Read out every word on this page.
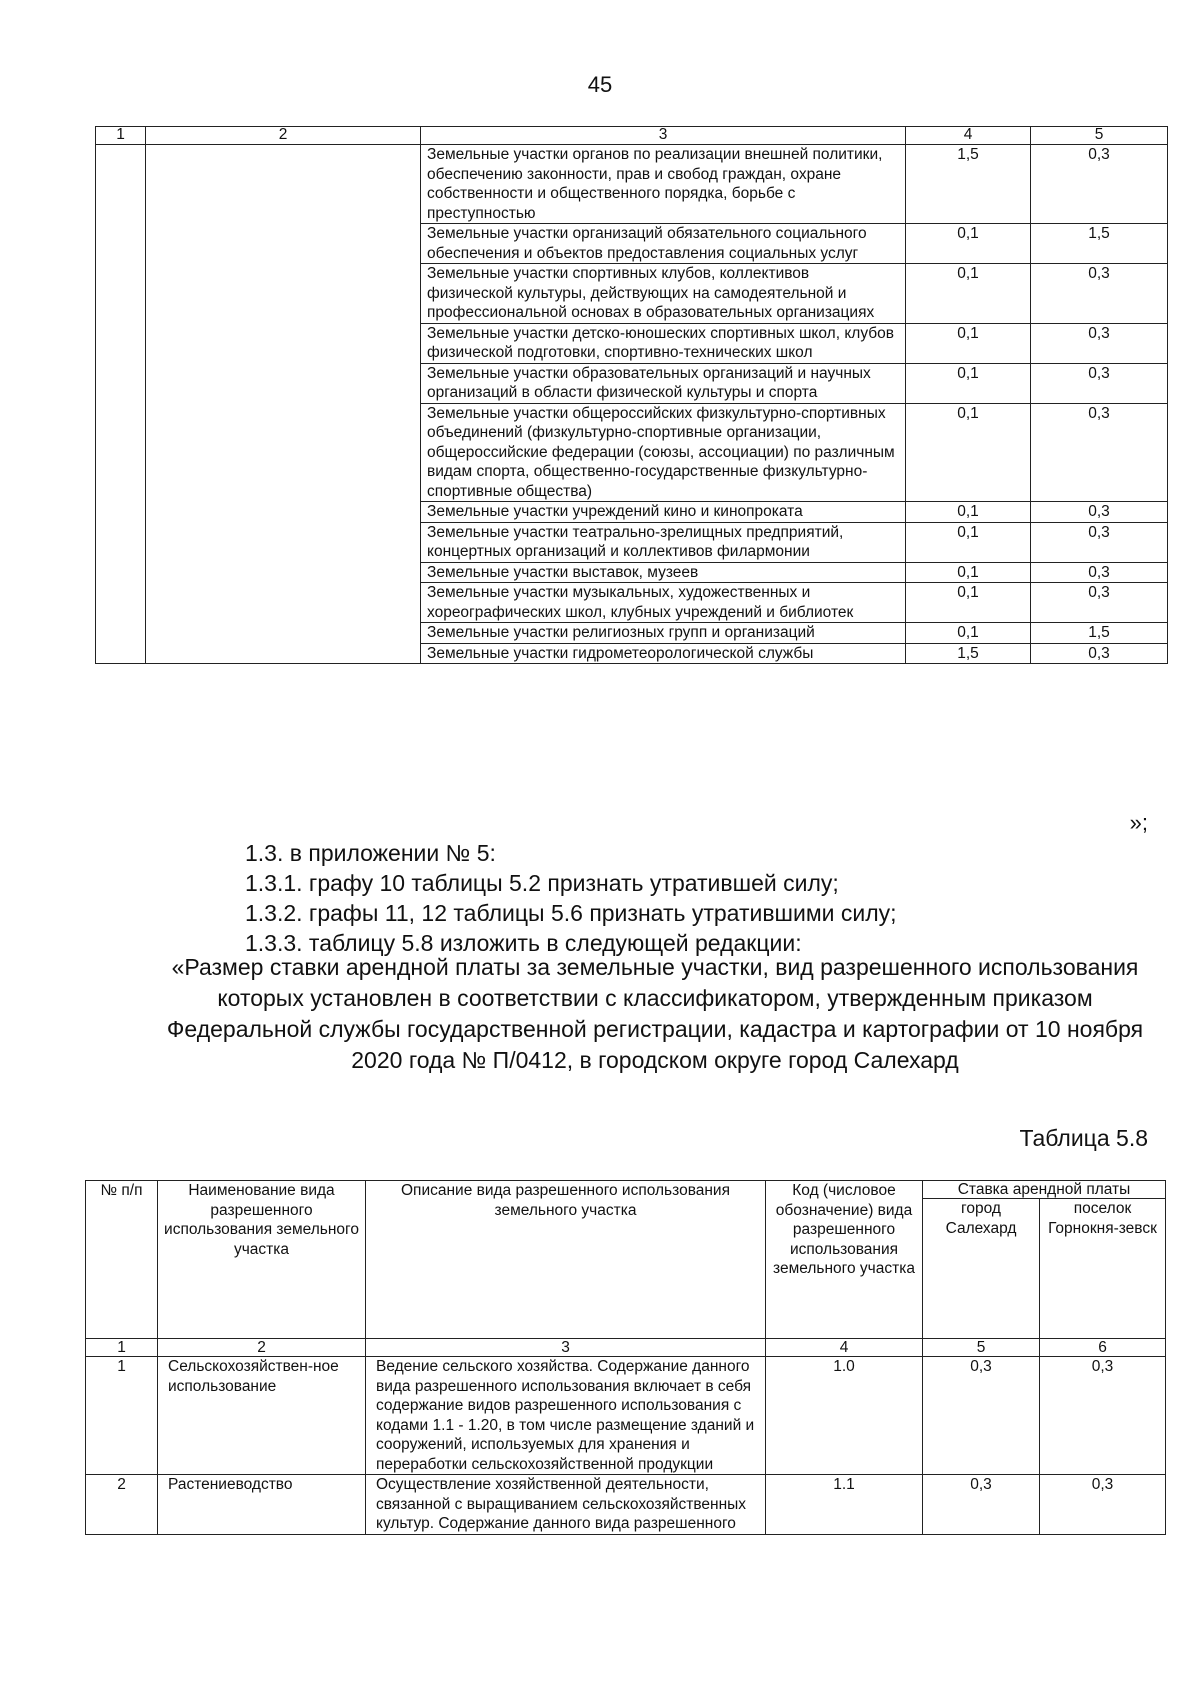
45
1	2	3	4	5
		Земельные участки органов по реализации внешней политики, обеспечению законности, прав и свобод граждан, охране собственности и общественного порядка, борьбе с преступностью	1,5	0,3
		Земельные участки организаций обязательного социального обеспечения и объектов предоставления социальных услуг	0,1	1,5
		Земельные участки спортивных клубов, коллективов физической культуры, действующих на самодеятельной и профессиональной основах в образовательных организациях	0,1	0,3
		Земельные участки детско-юношеских спортивных школ, клубов физической подготовки, спортивно-технических школ	0,1	0,3
		Земельные участки образовательных организаций и научных организаций в области физической культуры и спорта	0,1	0,3
		Земельные участки общероссийских физкультурно-спортивных объединений (физкультурно-спортивные организации, общероссийские федерации (союзы, ассоциации) по различным видам спорта, общественно-государственные физкультурно-спортивные общества)	0,1	0,3
		Земельные участки учреждений кино и кинопроката	0,1	0,3
		Земельные участки театрально-зрелищных предприятий, концертных организаций и коллективов филармонии	0,1	0,3
		Земельные участки выставок, музеев	0,1	0,3
		Земельные участки музыкальных, художественных и хореографических школ, клубных учреждений и библиотек	0,1	0,3
		Земельные участки религиозных групп и организаций	0,1	1,5
		Земельные участки гидрометеорологической службы	1,5	0,3
»;
1.3. в приложении № 5:
1.3.1. графу 10 таблицы 5.2 признать утратившей силу;
1.3.2. графы 11, 12 таблицы 5.6 признать утратившими силу;
1.3.3. таблицу 5.8 изложить в следующей редакции:
«Размер ставки арендной платы за земельные участки, вид разрешенного использования которых установлен в соответствии с классификатором, утвержденным приказом Федеральной службы государственной регистрации, кадастра и картографии от 10 ноября 2020 года № П/0412, в городском округе город Салехард
Таблица 5.8
№ п/п	Наименование вида разрешенного использования земельного участка	Описание вида разрешенного использования земельного участка	Код (числовое обозначение) вида разрешенного использования земельного участка	Ставка арендной платы	
				город Салехард	поселок Горнокня-зевск
1	2	3	4	5	6
1	Сельскохозяйствен-ное использование	Ведение сельского хозяйства. Содержание данного вида разрешенного использования включает в себя содержание видов разрешенного использования с кодами 1.1 - 1.20, в том числе размещение зданий и сооружений, используемых для хранения и переработки сельскохозяйственной продукции	1.0	0,3	0,3
2	Растениеводство	Осуществление хозяйственной деятельности, связанной с выращиванием сельскохозяйственных культур. Содержание данного вида разрешенного	1.1	0,3	0,3
